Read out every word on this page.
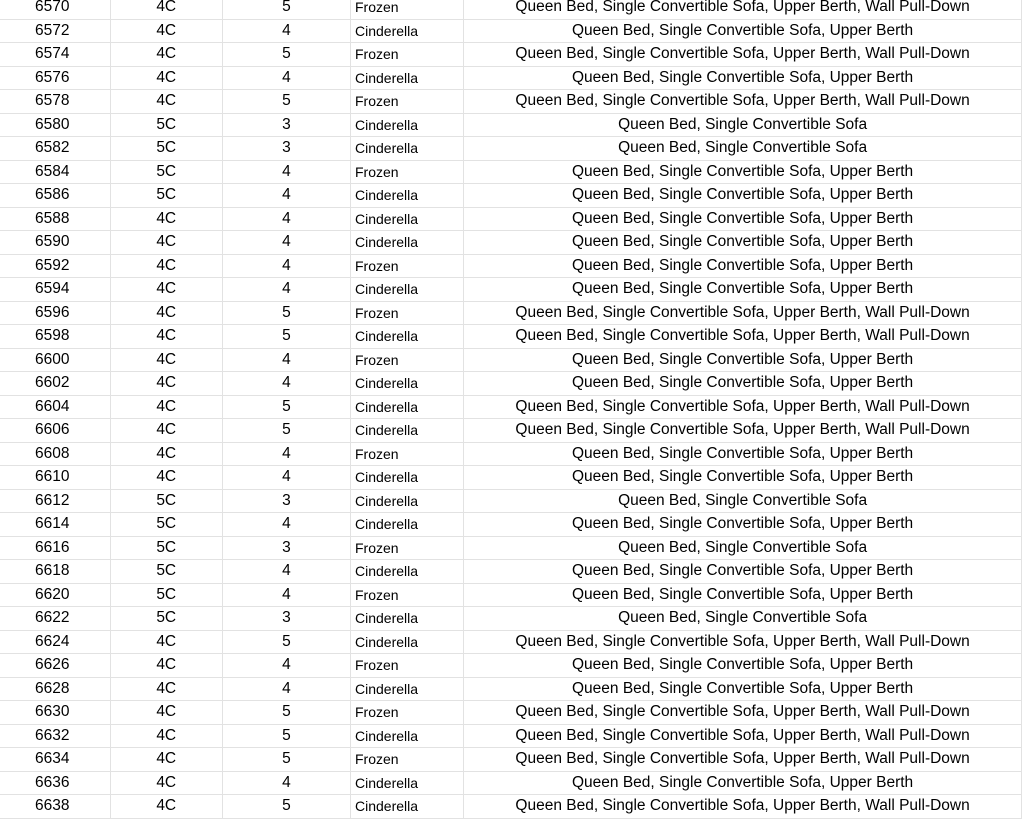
6570	4C	5	Frozen	Queen Bed, Single Convertible Sofa, Upper Berth, Wall Pull-Down
6572	4C	4	Cinderella	Queen Bed, Single Convertible Sofa, Upper Berth
6574	4C	5	Frozen	Queen Bed, Single Convertible Sofa, Upper Berth, Wall Pull-Down
6576	4C	4	Cinderella	Queen Bed, Single Convertible Sofa, Upper Berth
6578	4C	5	Frozen	Queen Bed, Single Convertible Sofa, Upper Berth, Wall Pull-Down
6580	5C	3	Cinderella	Queen Bed, Single Convertible Sofa
6582	5C	3	Cinderella	Queen Bed, Single Convertible Sofa
6584	5C	4	Frozen	Queen Bed, Single Convertible Sofa, Upper Berth
6586	5C	4	Cinderella	Queen Bed, Single Convertible Sofa, Upper Berth
6588	4C	4	Cinderella	Queen Bed, Single Convertible Sofa, Upper Berth
6590	4C	4	Cinderella	Queen Bed, Single Convertible Sofa, Upper Berth
6592	4C	4	Frozen	Queen Bed, Single Convertible Sofa, Upper Berth
6594	4C	4	Cinderella	Queen Bed, Single Convertible Sofa, Upper Berth
6596	4C	5	Frozen	Queen Bed, Single Convertible Sofa, Upper Berth, Wall Pull-Down
6598	4C	5	Cinderella	Queen Bed, Single Convertible Sofa, Upper Berth, Wall Pull-Down
6600	4C	4	Frozen	Queen Bed, Single Convertible Sofa, Upper Berth
6602	4C	4	Cinderella	Queen Bed, Single Convertible Sofa, Upper Berth
6604	4C	5	Cinderella	Queen Bed, Single Convertible Sofa, Upper Berth, Wall Pull-Down
6606	4C	5	Cinderella	Queen Bed, Single Convertible Sofa, Upper Berth, Wall Pull-Down
6608	4C	4	Frozen	Queen Bed, Single Convertible Sofa, Upper Berth
6610	4C	4	Cinderella	Queen Bed, Single Convertible Sofa, Upper Berth
6612	5C	3	Cinderella	Queen Bed, Single Convertible Sofa
6614	5C	4	Cinderella	Queen Bed, Single Convertible Sofa, Upper Berth
6616	5C	3	Frozen	Queen Bed, Single Convertible Sofa
6618	5C	4	Cinderella	Queen Bed, Single Convertible Sofa, Upper Berth
6620	5C	4	Frozen	Queen Bed, Single Convertible Sofa, Upper Berth
6622	5C	3	Cinderella	Queen Bed, Single Convertible Sofa
6624	4C	5	Cinderella	Queen Bed, Single Convertible Sofa, Upper Berth, Wall Pull-Down
6626	4C	4	Frozen	Queen Bed, Single Convertible Sofa, Upper Berth
6628	4C	4	Cinderella	Queen Bed, Single Convertible Sofa, Upper Berth
6630	4C	5	Frozen	Queen Bed, Single Convertible Sofa, Upper Berth, Wall Pull-Down
6632	4C	5	Cinderella	Queen Bed, Single Convertible Sofa, Upper Berth, Wall Pull-Down
6634	4C	5	Frozen	Queen Bed, Single Convertible Sofa, Upper Berth, Wall Pull-Down
6636	4C	4	Cinderella	Queen Bed, Single Convertible Sofa, Upper Berth
6638	4C	5	Cinderella	Queen Bed, Single Convertible Sofa, Upper Berth, Wall Pull-Down
